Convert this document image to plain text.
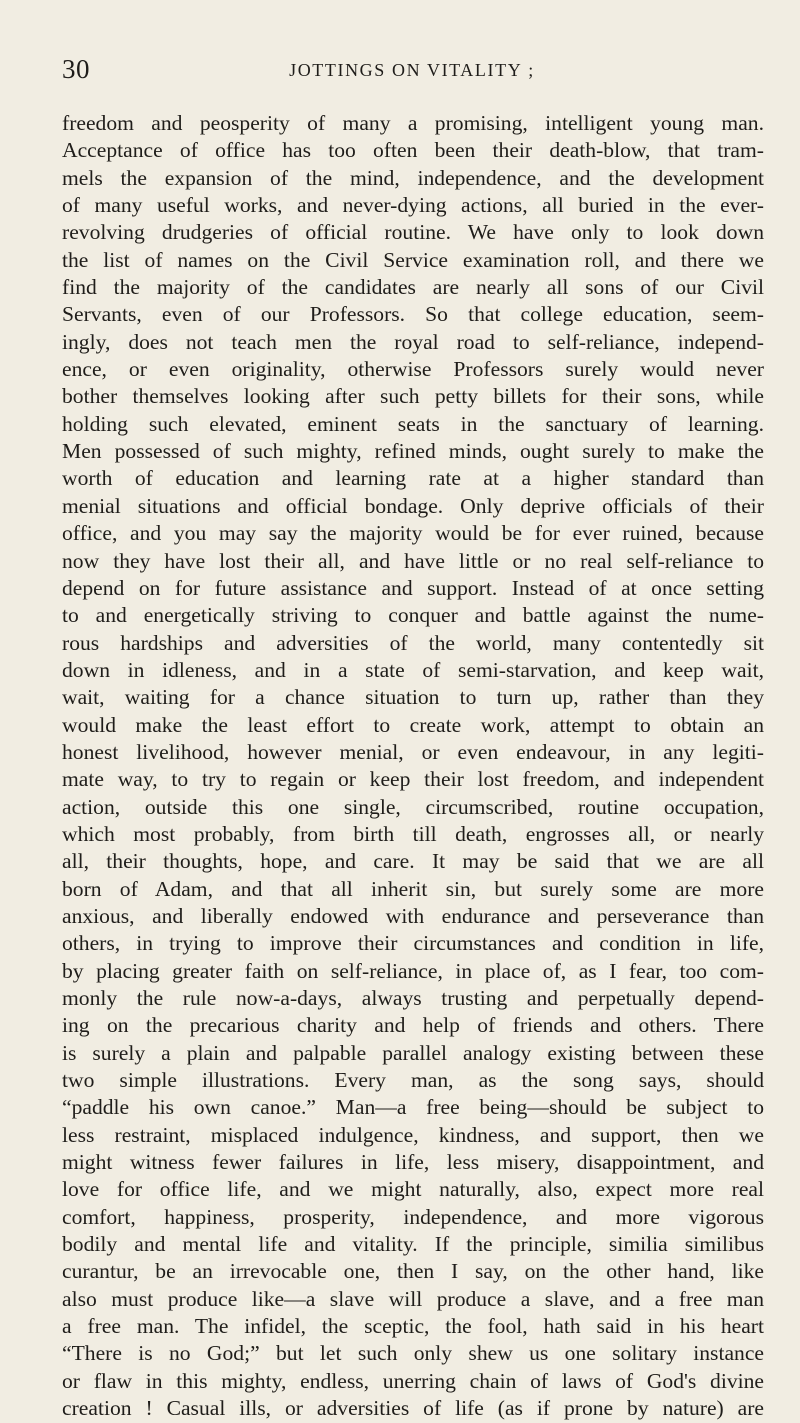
30	JOTTINGS ON VITALITY ;
freedom and peosperity of many a promising, intelligent young man.
Acceptance of office has too often been their death-blow, that tram-
mels the expansion of the mind, independence, and the development
of many useful works, and never-dying actions, all buried in the ever-
revolving drudgeries of official routine. We have only to look down
the list of names on the Civil Service examination roll, and there we
find the majority of the candidates are nearly all sons of our Civil
Servants, even of our Professors. So that college education, seem-
ingly, does not teach men the royal road to self-reliance, independ-
ence, or even originality, otherwise Professors surely would never
bother themselves looking after such petty billets for their sons, while
holding such elevated, eminent seats in the sanctuary of learning.
Men possessed of such mighty, refined minds, ought surely to make the
worth of education and learning rate at a higher standard than
menial situations and official bondage. Only deprive officials of their
office, and you may say the majority would be for ever ruined, because
now they have lost their all, and have little or no real self-reliance to
depend on for future assistance and support. Instead of at once setting
to and energetically striving to conquer and battle against the nume-
rous hardships and adversities of the world, many contentedly sit
down in idleness, and in a state of semi-starvation, and keep wait,
wait, waiting for a chance situation to turn up, rather than they
would make the least effort to create work, attempt to obtain an
honest livelihood, however menial, or even endeavour, in any legiti-
mate way, to try to regain or keep their lost freedom, and independent
action, outside this one single, circumscribed, routine occupation,
which most probably, from birth till death, engrosses all, or nearly
all, their thoughts, hope, and care. It may be said that we are all
born of Adam, and that all inherit sin, but surely some are more
anxious, and liberally endowed with endurance and perseverance than
others, in trying to improve their circumstances and condition in life,
by placing greater faith on self-reliance, in place of, as I fear, too com-
monly the rule now-a-days, always trusting and perpetually depend-
ing on the precarious charity and help of friends and others. There
is surely a plain and palpable parallel analogy existing between these
two simple illustrations. Every man, as the song says, should
“paddle his own canoe.” Man—a free being—should be subject to
less restraint, misplaced indulgence, kindness, and support, then we
might witness fewer failures in life, less misery, disappointment, and
love for office life, and we might naturally, also, expect more real
comfort, happiness, prosperity, independence, and more vigorous
bodily and mental life and vitality. If the principle, similia similibus
curantur, be an irrevocable one, then I say, on the other hand, like
also must produce like—a slave will produce a slave, and a free man
a free man. The infidel, the sceptic, the fool, hath said in his heart
“There is no God;” but let such only shew us one solitary instance
or flaw in this mighty, endless, unerring chain of laws of God's divine
creation ! Casual ills, or adversities of life (as if prone by nature) are
